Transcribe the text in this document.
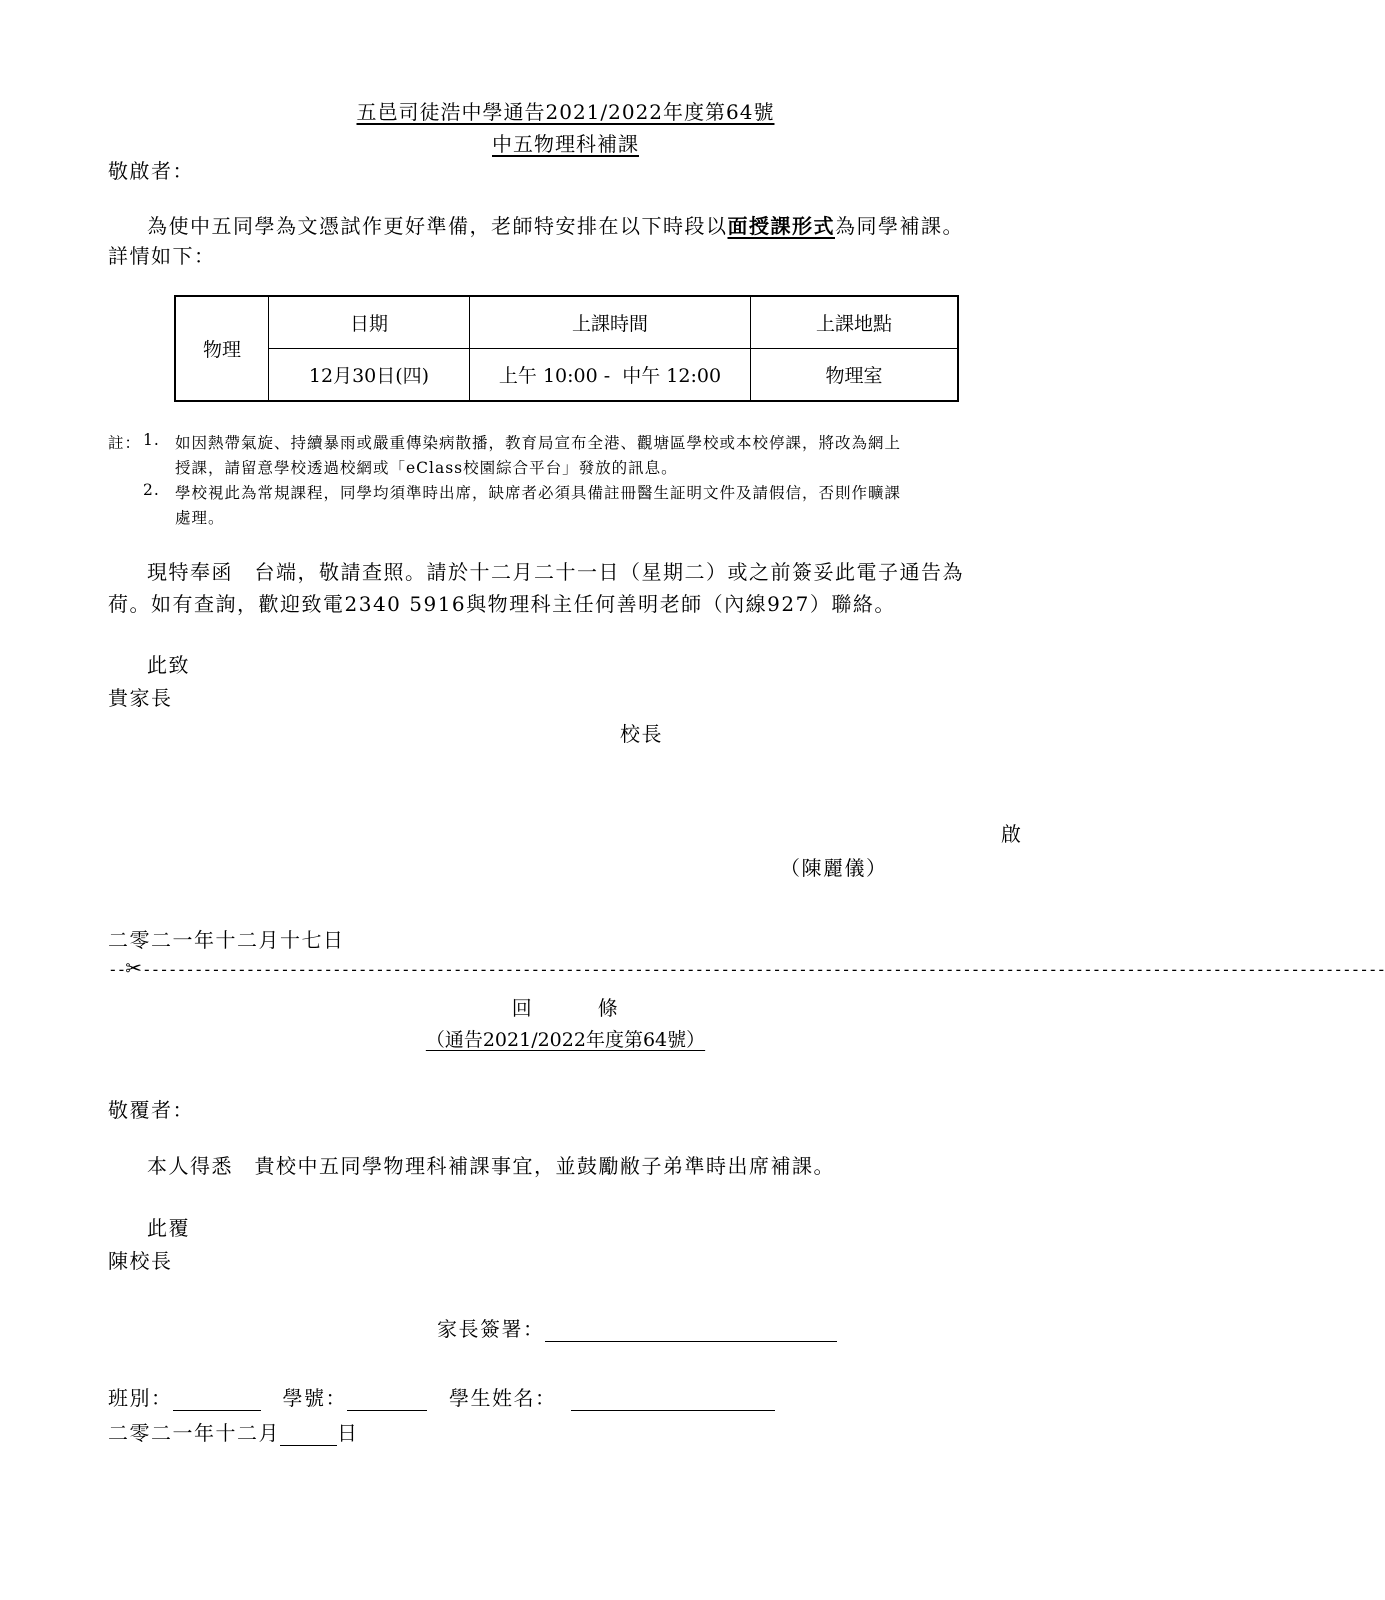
五邑司徒浩中學通告2021/2022年度第64號
中五物理科補課
敬啟者：
為使中五同學為文憑試作更好準備，老師特安排在以下時段以面授課形式為同學補課。
詳情如下：
物理	日期	上課時間	上課地點
	12月30日(四)	上午 10:00 -  中午 12:00	物理室
註： 1. 如因熱帶氣旋、持續暴雨或嚴重傳染病散播，教育局宣布全港、觀塘區學校或本校停課，將改為網上
授課，請留意學校透過校網或「eClass校園綜合平台」發放的訊息。
2. 學校視此為常規課程，同學均須準時出席，缺席者必須具備註冊醫生証明文件及請假信，否則作曠課
處理。
現特奉函　台端，敬請查照。請於十二月二十一日（星期二）或之前簽妥此電子通告為
荷。如有查詢，歡迎致電2340 5916與物理科主任何善明老師（內線927）聯絡。
此致
貴家長
校長
啟
（陳麗儀）
二零二一年十二月十七日
--✂------------------------------------------------------------------------------------------------------------------------------------------------
回　　　條
（通告2021/2022年度第64號）
敬覆者：
本人得悉　貴校中五同學物理科補課事宜，並鼓勵敝子弟準時出席補課。
此覆
陳校長
家長簽署：
班別：	學號：	學生姓名：
二零二一年十二月	日
